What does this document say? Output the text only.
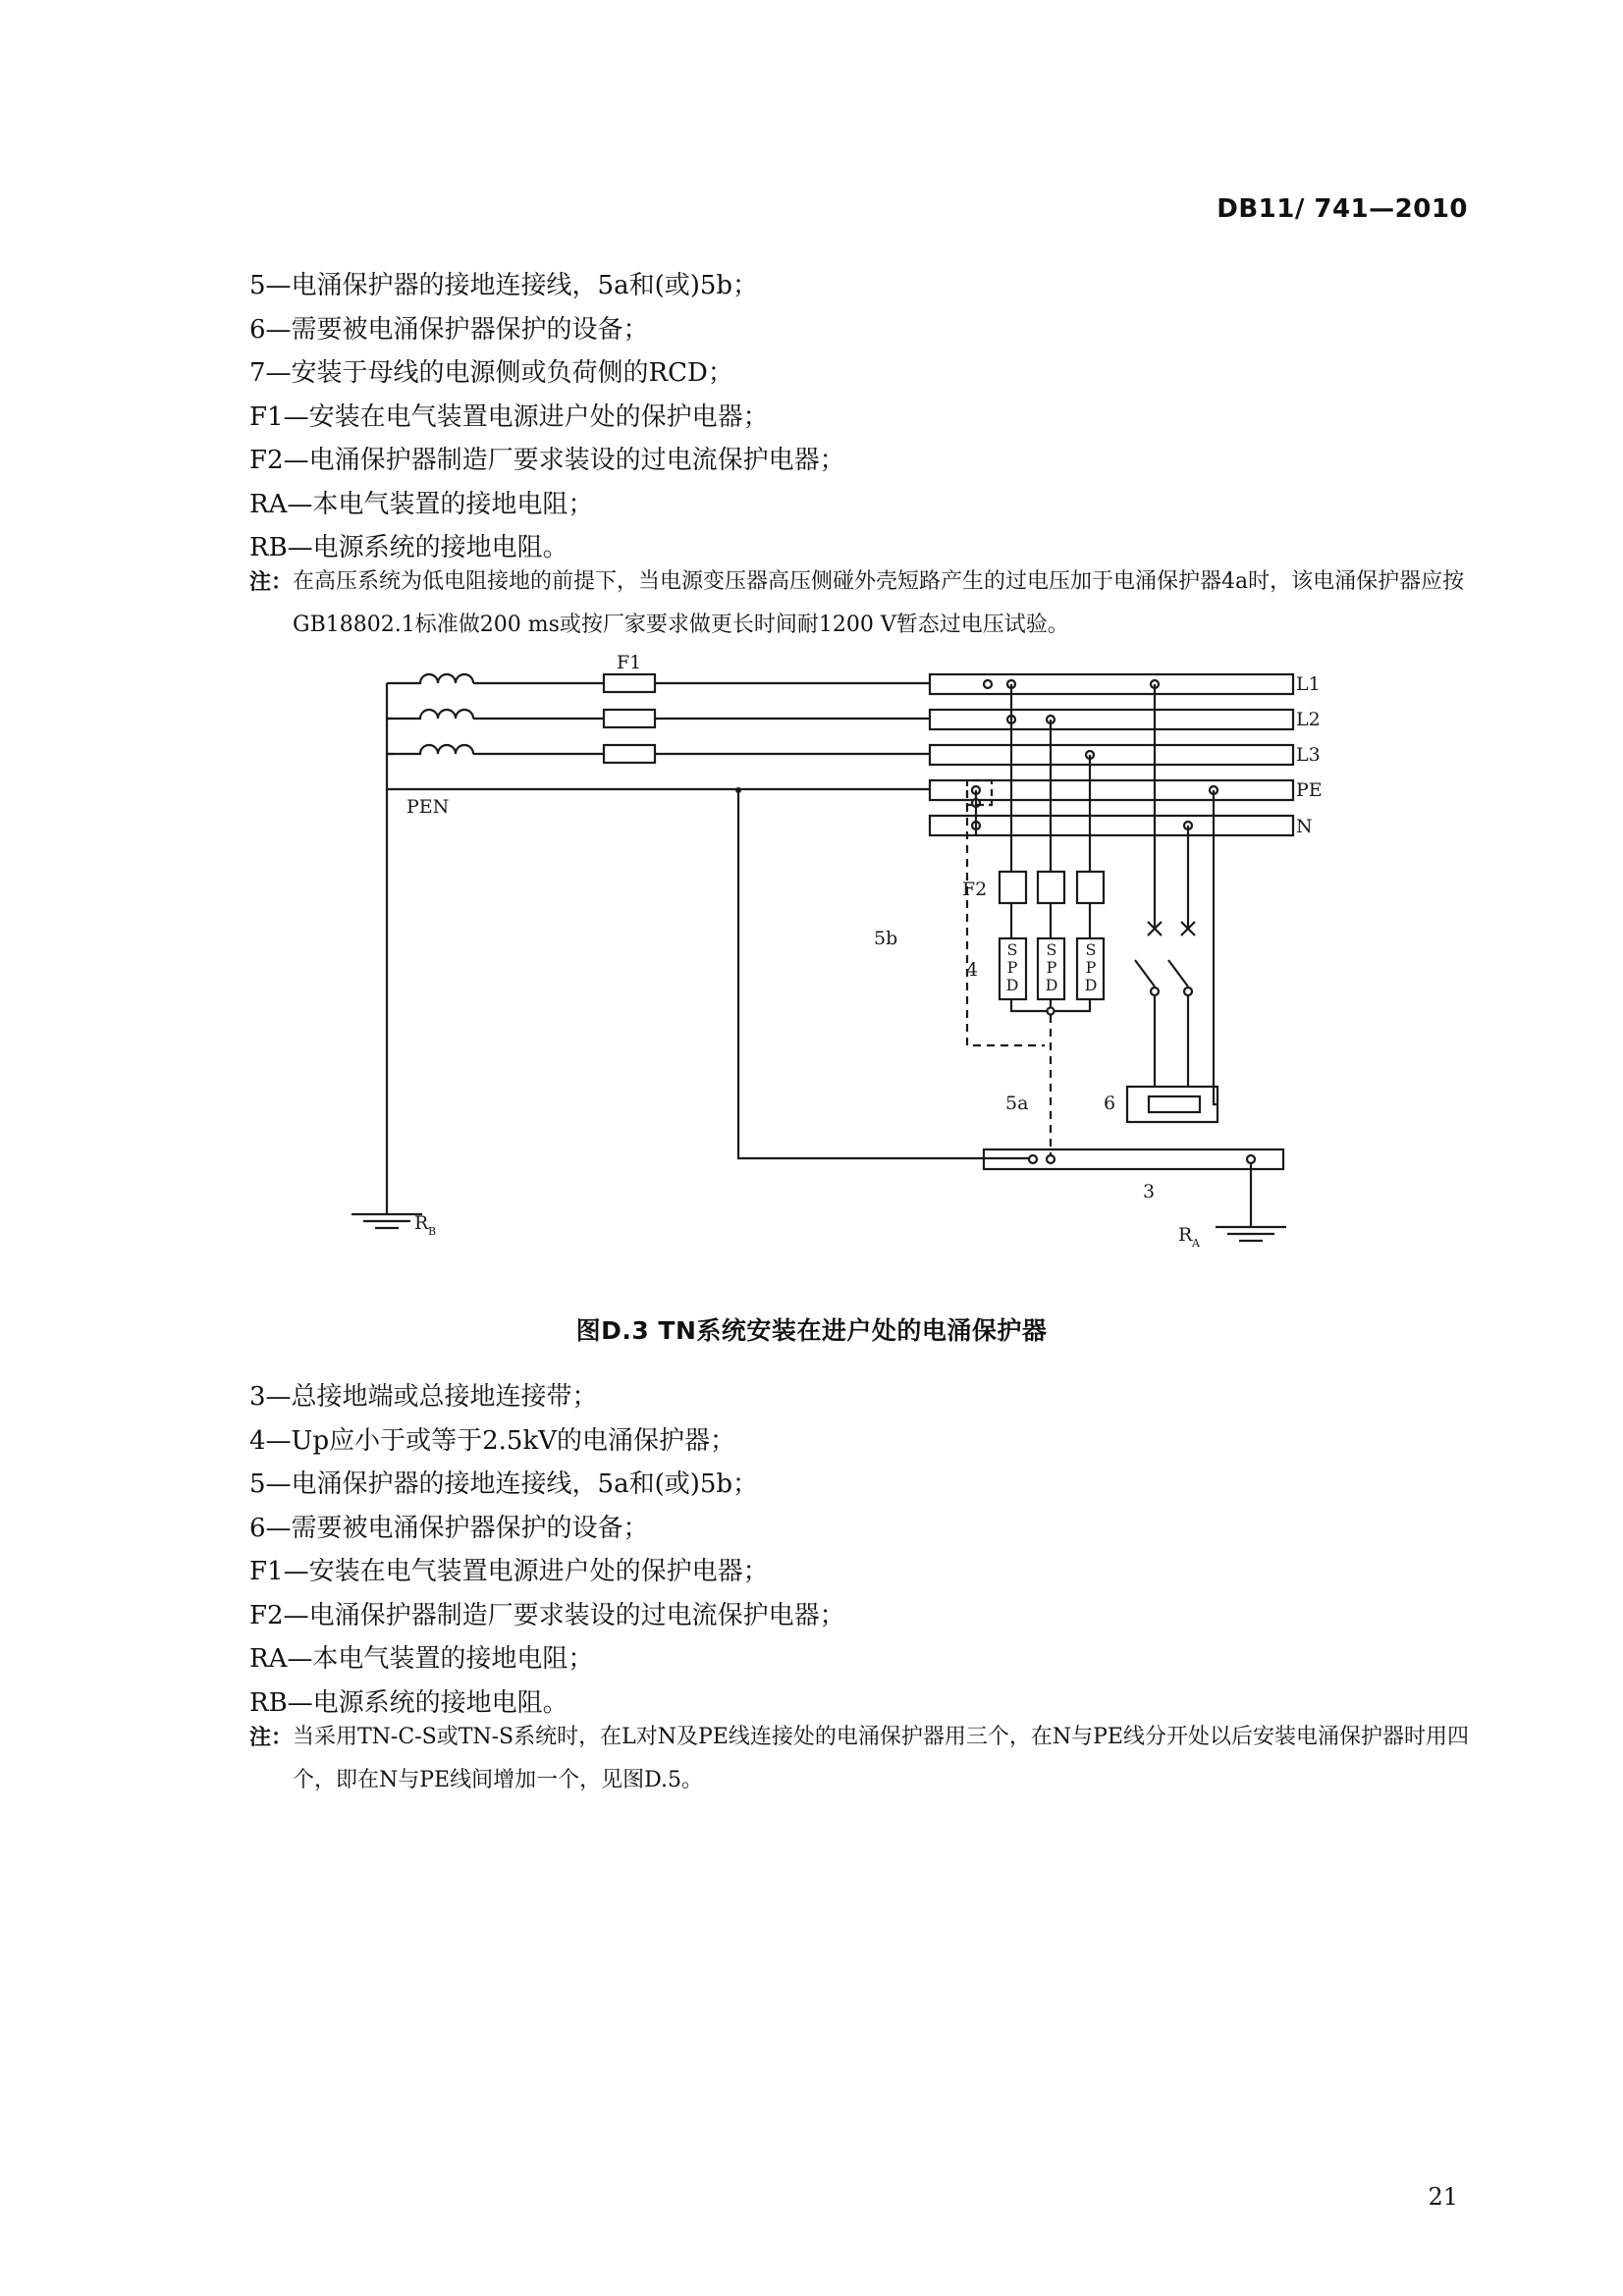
DB11/ 741—2010
5—电涌保护器的接地连接线，5a和(或)5b；
6—需要被电涌保护器保护的设备；
7—安装于母线的电源侧或负荷侧的RCD；
F1—安装在电气装置电源进户处的保护电器；
F2—电涌保护器制造厂要求装设的过电流保护电器；
RA—本电气装置的接地电阻；
RB—电源系统的接地电阻。
注： 在高压系统为低电阻接地的前提下，当电源变压器高压侧碰外壳短路产生的过电压加于电涌保护器4a时，该电涌保护器应按GB18802.1标准做200 ms或按厂家要求做更长时间耐1200 V暂态过电压试验。
S
P
D
S
P
D
S
P
D
F1
L1
L2
L3
PE
N
PEN
F2
5b
4
5a	6
3
R
R
B
A
图D.3 TN系统安装在进户处的电涌保护器
3—总接地端或总接地连接带；
4—Up应小于或等于2.5kV的电涌保护器；
5—电涌保护器的接地连接线，5a和(或)5b；
6—需要被电涌保护器保护的设备；
F1—安装在电气装置电源进户处的保护电器；
F2—电涌保护器制造厂要求装设的过电流保护电器；
RA—本电气装置的接地电阻；
RB—电源系统的接地电阻。
注： 当采用TN-C-S或TN-S系统时，在L对N及PE线连接处的电涌保护器用三个，在N与PE线分开处以后安装电涌保护器时用四个，即在N与PE线间增加一个，见图D.5。
21
